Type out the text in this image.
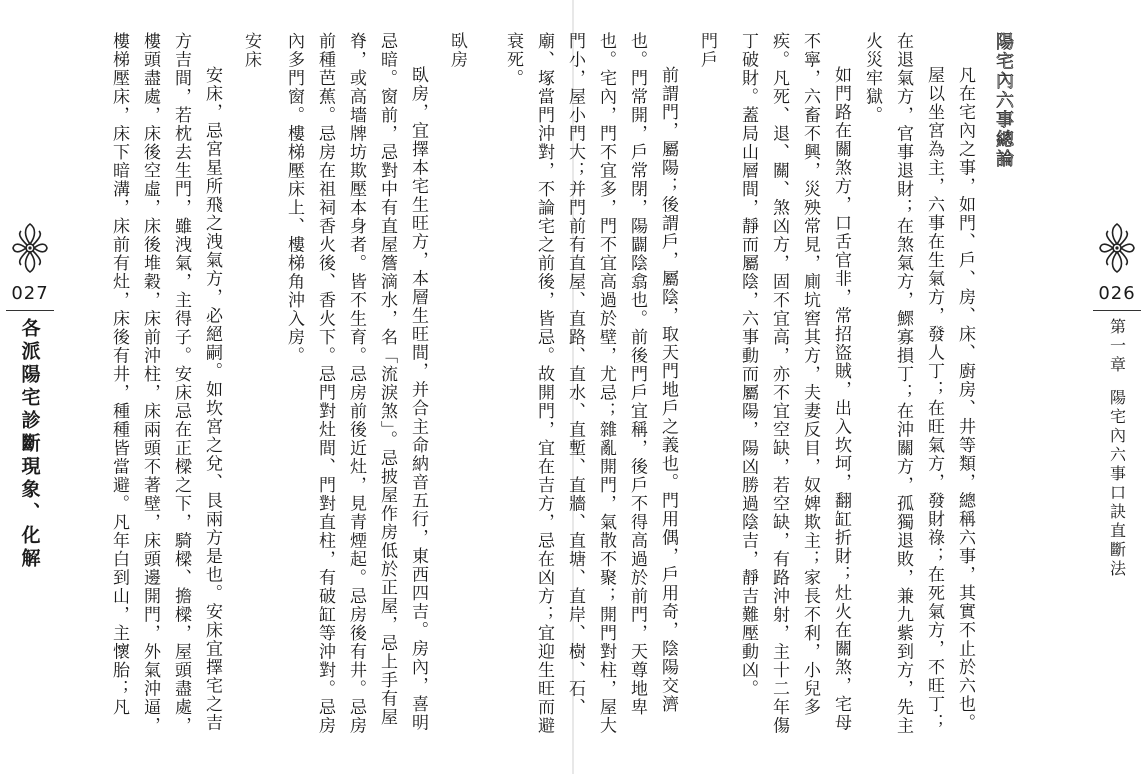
027
各派陽宅診斷現象、化解
臥房
臥房，宜擇本宅生旺方，本層生旺間，并合主命納音五行，東西四吉。房內，喜明忌暗。窗前，忌對中有直屋簷滴水，名「流淚煞」。忌披屋作房低於正屋，忌上手有屋脊，或高墻牌坊欺壓本身者。皆不生育。忌房前後近灶，見青煙起。忌房後有井。忌房前種芭蕉。忌房在祖祠香火後、香火下。忌門對灶間、門對直柱，有破缸等沖對。忌房內多門窗。樓梯壓床上、樓梯角沖入房。
安床
安床，忌宮星所飛之洩氣方，必絕嗣。如坎宮之兌、艮兩方是也。安床宜擇宅之吉方吉間，若枕去生門，雖洩氣，主得子。安床忌在正樑之下，騎樑、擔樑，屋頭盡處，樓頭盡處，床後空虛，床後堆穀，床前沖柱，床兩頭不著壁，床頭邊開門，外氣沖逼，樓梯壓床，床下暗溝，床前有灶，床後有井，種種皆當避。凡年白到山，主懷胎；凡	陽宅內六事總論
凡在宅內之事，如門、戶、房、床、廚房、井等類，總稱六事，其實不止於六也。
屋以坐宮為主，六事在生氣方，發人丁；在旺氣方，發財祿；在死氣方，不旺丁；在退氣方，官事退財；在煞氣方，鰥寡損丁；在沖關方，孤獨退敗，兼九紫到方，先主火災牢獄。
如門路在關煞方，口舌官非，常招盜賊，出入坎坷，翻缸折財；灶火在關煞，宅母不寧，六畜不興，災殃常見，廁坑窖其方，夫妻反目，奴婢欺主；家長不利，小兒多疾。凡死、退、關、煞凶方，固不宜高，亦不宜空缺，若空缺，有路沖射，主十二年傷丁破財。蓋局山層間，靜而屬陰，六事動而屬陽，陽凶勝過陰吉，靜吉難壓動凶。
門戶
前謂門，屬陽；後謂戶，屬陰，取天門地戶之義也。門用偶，戶用奇，陰陽交濟也。門常開，戶常閉，陽闢陰翕也。前後門戶宜稱，後戶不得高過於前門，天尊地卑也。宅內，門不宜多，門不宜高過於壁，尤忌；雜亂開門，氣散不聚；開門對柱，屋大門小，屋小門大；并門前有直屋、直路、直水、直塹、直牆、直塘、直岸、樹、石、廟、塚當門沖對，不論宅之前後，皆忌。故開門，宜在吉方，忌在凶方；宜迎生旺而避衰死。
026
第一章
陽宅內六事口訣直斷法
